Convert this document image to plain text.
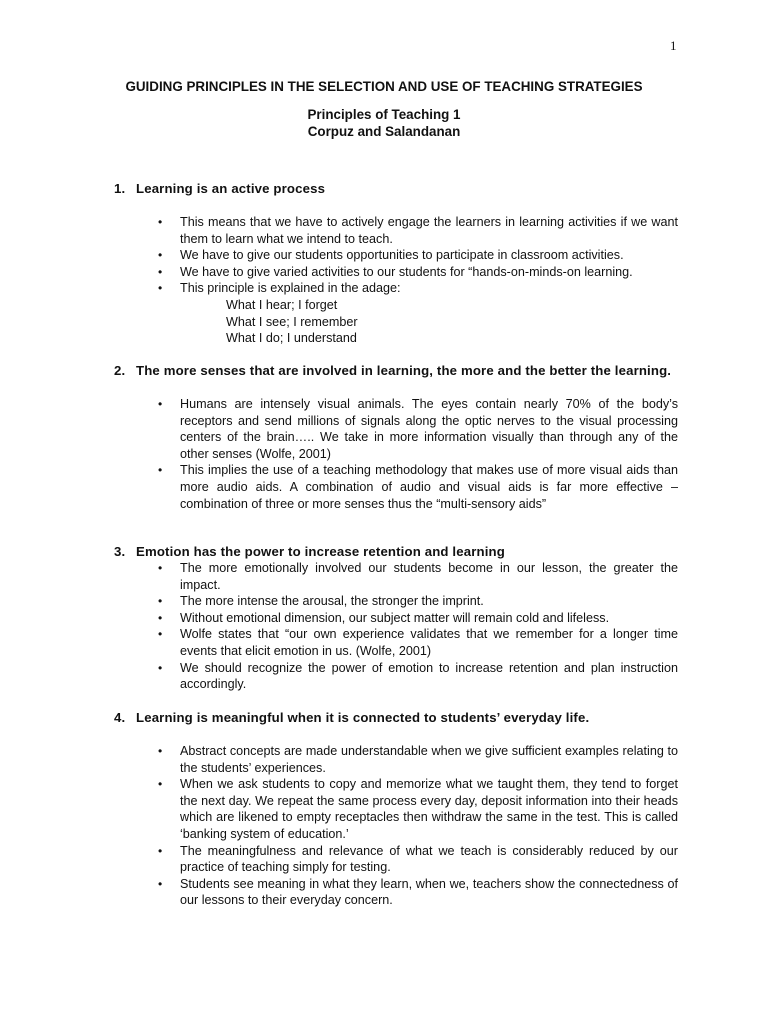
1
GUIDING PRINCIPLES IN THE SELECTION AND USE OF TEACHING STRATEGIES
Principles of Teaching 1
Corpuz and Salandanan
1. Learning is an active process
• This means that we have to actively engage the learners in learning activities if we want them to learn what we intend to teach.
• We have to give our students opportunities to participate in classroom activities.
• We have to give varied activities to our students for “hands-on-minds-on learning.
• This principle is explained in the adage:
What I hear; I forget
What I see; I remember
What I do; I understand
2. The more senses that are involved in learning, the more and the better the learning.
• Humans are intensely visual animals. The eyes contain nearly 70% of the body’s receptors and send millions of signals along the optic nerves to the visual processing centers of the brain….. We take in more information visually than through any of the other senses (Wolfe, 2001)
• This implies the use of a teaching methodology that makes use of more visual aids than more audio aids. A combination of audio and visual aids is far more effective – combination of three or more senses thus the “multi-sensory aids”
3. Emotion has the power to increase retention and learning
• The more emotionally involved our students become in our lesson, the greater the impact.
• The more intense the arousal, the stronger the imprint.
• Without emotional dimension, our subject matter will remain cold and lifeless.
• Wolfe states that “our own experience validates that we remember for a longer time events that elicit emotion in us. (Wolfe, 2001)
• We should recognize the power of emotion to increase retention and plan instruction accordingly.
4. Learning is meaningful when it is connected to students’ everyday life.
• Abstract concepts are made understandable when we give sufficient examples relating to the students’ experiences.
• When we ask students to copy and memorize what we taught them, they tend to forget the next day. We repeat the same process every day, deposit information into their heads which are likened to empty receptacles then withdraw the same in the test. This is called ‘banking system of education.’
• The meaningfulness and relevance of what we teach is considerably reduced by our practice of teaching simply for testing.
• Students see meaning in what they learn, when we, teachers show the connectedness of our lessons to their everyday concern.
